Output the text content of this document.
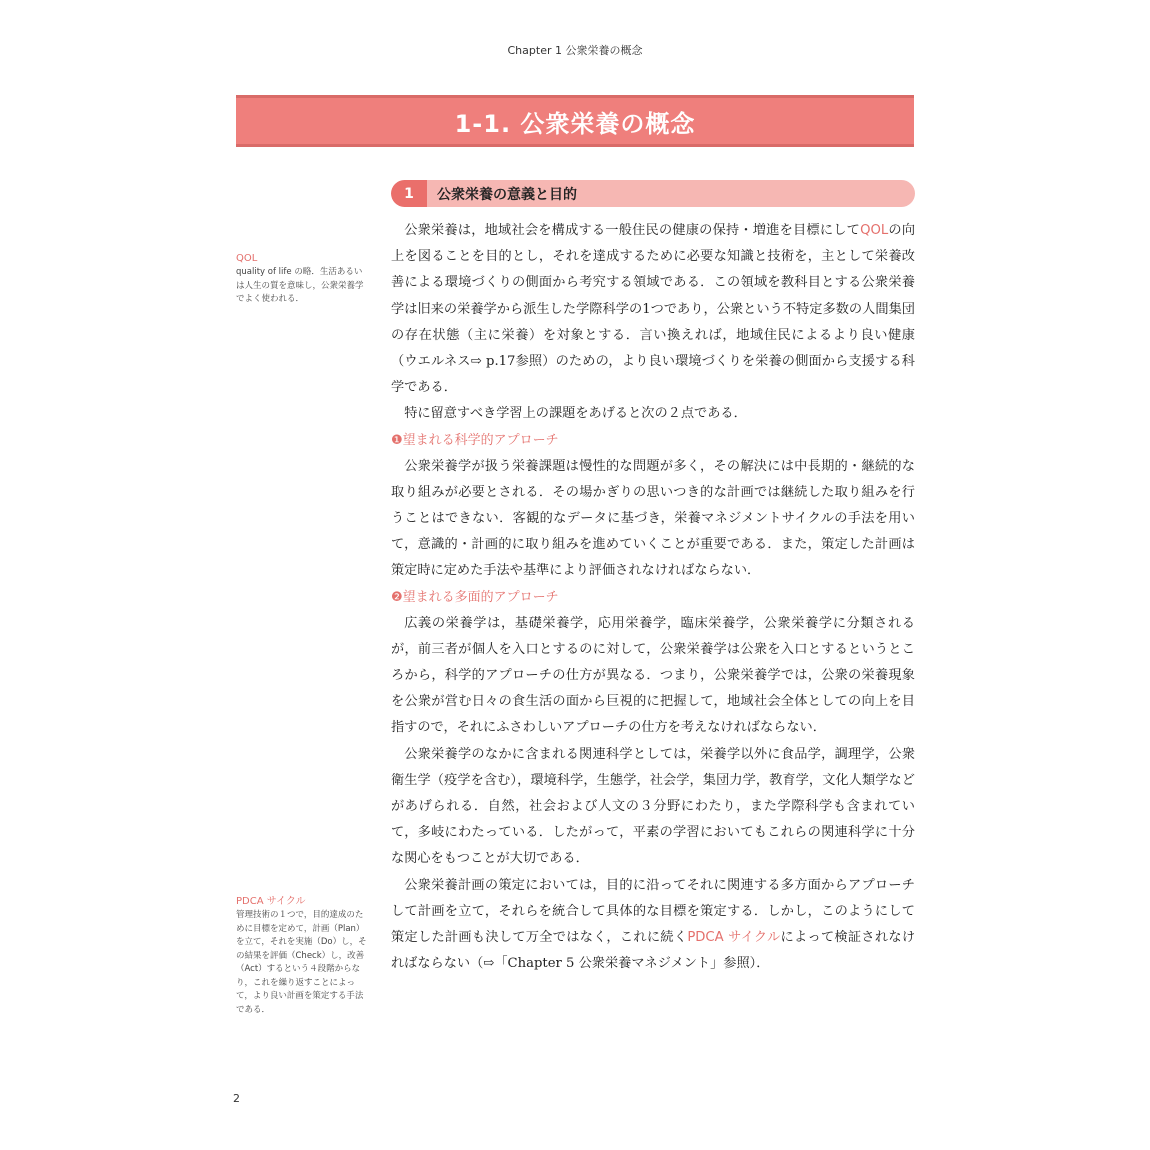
Chapter 1 公衆栄養の概念
1-1. 公衆栄養の概念
1	公衆栄養の意義と目的
QOL
quality of life の略．生活あるいは人生の質を意味し，公衆栄養学でよく使われる．
PDCA サイクル
管理技術の１つで，目的達成のために目標を定めて，計画（Plan）を立て，それを実施（Do）し，その結果を評価（Check）し，改善（Act）するという４段階からなり，これを繰り返すことによって，より良い計画を策定する手法である．

公衆栄養は，地域社会を構成する一般住民の健康の保持・増進を目標にしてQOLの向上を図ることを目的とし，それを達成するために必要な知識と技術を，主として栄養改善による環境づくりの側面から考究する領域である．この領域を教科目とする公衆栄養学は旧来の栄養学から派生した学際科学の1つであり，公衆という不特定多数の人間集団の存在状態（主に栄養）を対象とする．言い換えれば，地域住民によるより良い健康（ウエルネス⇨ p.17参照）のための，より良い環境づくりを栄養の側面から支援する科学である．

特に留意すべき学習上の課題をあげると次の２点である．

❶望まれる科学的アプローチ

公衆栄養学が扱う栄養課題は慢性的な問題が多く，その解決には中長期的・継続的な取り組みが必要とされる．その場かぎりの思いつき的な計画では継続した取り組みを行うことはできない．客観的なデータに基づき，栄養マネジメントサイクルの手法を用いて，意識的・計画的に取り組みを進めていくことが重要である．また，策定した計画は策定時に定めた手法や基準により評価されなければならない．

❷望まれる多面的アプローチ

広義の栄養学は，基礎栄養学，応用栄養学，臨床栄養学，公衆栄養学に分類されるが，前三者が個人を入口とするのに対して，公衆栄養学は公衆を入口とするというところから，科学的アプローチの仕方が異なる．つまり，公衆栄養学では，公衆の栄養現象を公衆が営む日々の食生活の面から巨視的に把握して，地域社会全体としての向上を目指すので，それにふさわしいアプローチの仕方を考えなければならない．

公衆栄養学のなかに含まれる関連科学としては，栄養学以外に食品学，調理学，公衆衛生学（疫学を含む），環境科学，生態学，社会学，集団力学，教育学，文化人類学などがあげられる．自然，社会および人文の３分野にわたり，また学際科学も含まれていて，多岐にわたっている．したがって，平素の学習においてもこれらの関連科学に十分な関心をもつことが大切である．

公衆栄養計画の策定においては，目的に沿ってそれに関連する多方面からアプローチして計画を立て，それらを統合して具体的な目標を策定する．しかし，このようにして策定した計画も決して万全ではなく，これに続くPDCA サイクルによって検証されなければならない（⇨「Chapter 5 公衆栄養マネジメント」参照）．

2
